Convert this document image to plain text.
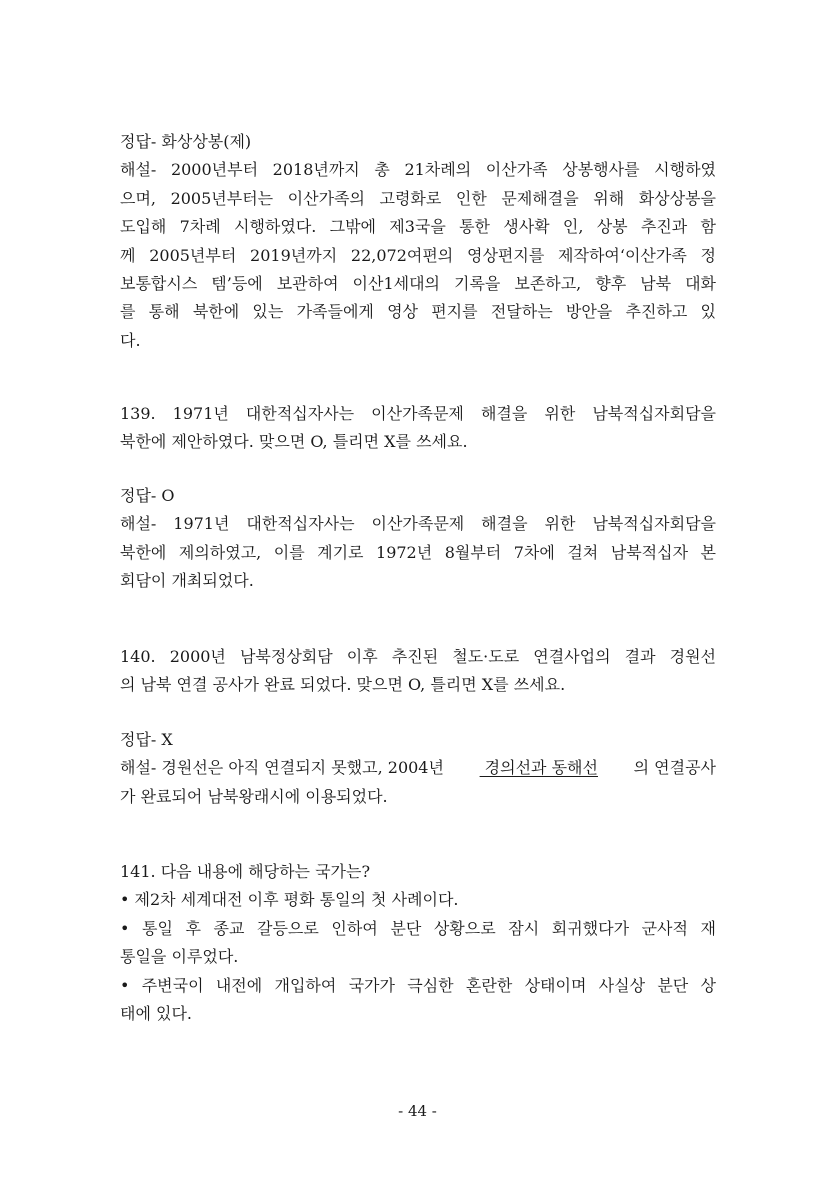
정답- 화상상봉(제)
해설- 2000년부터 2018년까지 총 21차례의 이산가족 상봉행사를 시행하였
으며, 2005년부터는 이산가족의 고령화로 인한 문제해결을 위해 화상상봉을
도입해 7차례 시행하였다. 그밖에 제3국을 통한 생사확 인, 상봉 추진과 함
께 2005년부터 2019년까지 22,072여편의 영상편지를 제작하여‘이산가족 정
보통합시스 템’등에 보관하여 이산1세대의 기록을 보존하고, 향후 남북 대화
를 통해 북한에 있는 가족들에게 영상 편지를 전달하는 방안을 추진하고 있
다.
139. 1971년 대한적십자사는 이산가족문제 해결을 위한 남북적십자회담을
북한에 제안하였다. 맞으면 O, 틀리면 X를 쓰세요.
정답- O
해설- 1971년 대한적십자사는 이산가족문제 해결을 위한 남북적십자회담을
북한에 제의하였고, 이를 계기로 1972년 8월부터 7차에 걸쳐 남북적십자 본
회담이 개최되었다.
140. 2000년 남북정상회담 이후 추진된 철도·도로 연결사업의 결과 경원선
의 남북 연결 공사가 완료 되었다. 맞으면 O, 틀리면 X를 쓰세요.
정답- X
해설- 경원선은 아직 연결되지 못했고, 2004년 경의선과 동해선 의 연결공사
가 완료되어 남북왕래시에 이용되었다.
141. 다음 내용에 해당하는 국가는?
• 제2차 세계대전 이후 평화 통일의 첫 사례이다.
• 통일 후 종교 갈등으로 인하여 분단 상황으로 잠시 회귀했다가 군사적 재
통일을 이루었다.
• 주변국이 내전에 개입하여 국가가 극심한 혼란한 상태이며 사실상 분단 상
태에 있다.
- 44 -
